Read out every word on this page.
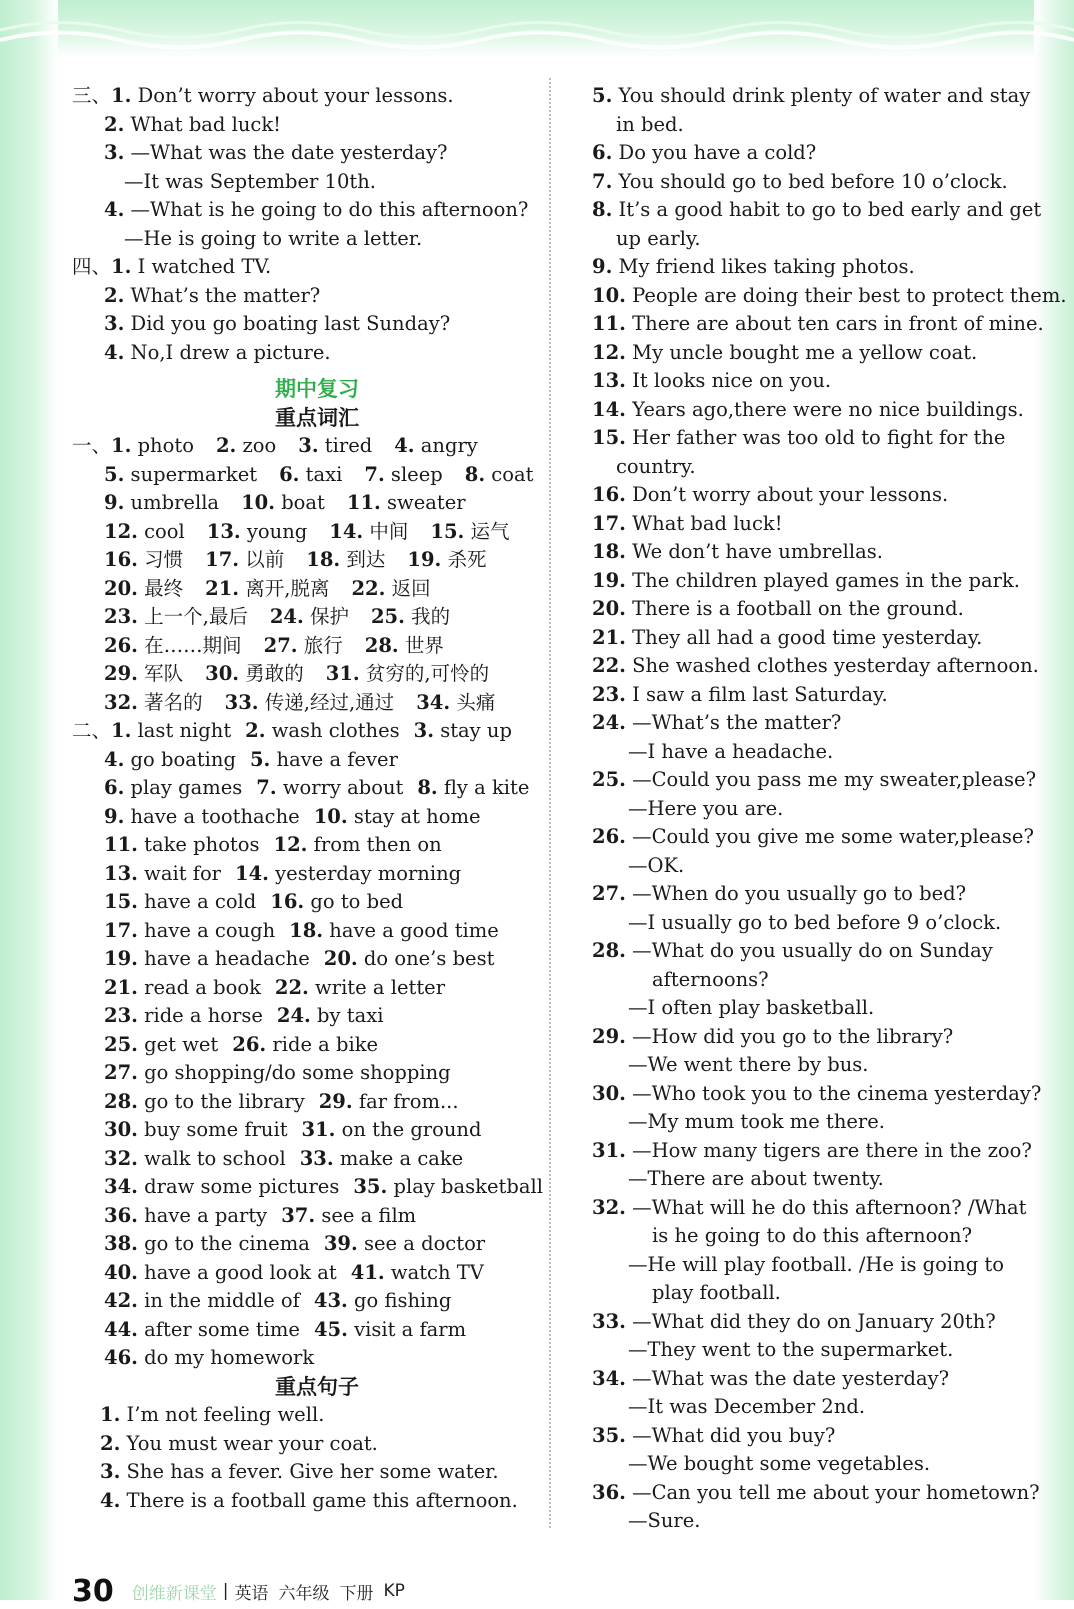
三、1. Don’t worry about your lessons.
2. What bad luck!
3. —What was the date yesterday?
—It was September 10th.
4. —What is he going to do this afternoon?
—He is going to write a letter.
四、1. I watched TV.
2. What’s the matter?
3. Did you go boating last Sunday?
4. No,I drew a picture.
期中复习
重点词汇
一、1. photo 2. zoo 3. tired 4. angry
5. supermarket 6. taxi 7. sleep 8. coat
9. umbrella 10. boat 11. sweater
12. cool 13. young 14. 中间 15. 运气
16. 习惯 17. 以前 18. 到达 19. 杀死
20. 最终 21. 离开,脱离 22. 返回
23. 上一个,最后 24. 保护 25. 我的
26. 在……期间 27. 旅行 28. 世界
29. 军队 30. 勇敢的 31. 贫穷的,可怜的
32. 著名的 33. 传递,经过,通过 34. 头痛
二、1. last night 2. wash clothes 3. stay up
4. go boating 5. have a fever
6. play games 7. worry about 8. fly a kite
9. have a toothache 10. stay at home
11. take photos 12. from then on
13. wait for 14. yesterday morning
15. have a cold 16. go to bed
17. have a cough 18. have a good time
19. have a headache 20. do one’s best
21. read a book 22. write a letter
23. ride a horse 24. by taxi
25. get wet 26. ride a bike
27. go shopping/do some shopping
28. go to the library 29. far from...
30. buy some fruit 31. on the ground
32. walk to school 33. make a cake
34. draw some pictures 35. play basketball
36. have a party 37. see a film
38. go to the cinema 39. see a doctor
40. have a good look at 41. watch TV
42. in the middle of 43. go fishing
44. after some time 45. visit a farm
46. do my homework
重点句子
1. I’m not feeling well.
2. You must wear your coat.
3. She has a fever. Give her some water.
4. There is a football game this afternoon.
5. You should drink plenty of water and stay
in bed.
6. Do you have a cold?
7. You should go to bed before 10 o’clock.
8. It’s a good habit to go to bed early and get
up early.
9. My friend likes taking photos.
10. People are doing their best to protect them.
11. There are about ten cars in front of mine.
12. My uncle bought me a yellow coat.
13. It looks nice on you.
14. Years ago,there were no nice buildings.
15. Her father was too old to fight for the
country.
16. Don’t worry about your lessons.
17. What bad luck!
18. We don’t have umbrellas.
19. The children played games in the park.
20. There is a football on the ground.
21. They all had a good time yesterday.
22. She washed clothes yesterday afternoon.
23. I saw a film last Saturday.
24. —What’s the matter?
—I have a headache.
25. —Could you pass me my sweater,please?
—Here you are.
26. —Could you give me some water,please?
—OK.
27. —When do you usually go to bed?
—I usually go to bed before 9 o’clock.
28. —What do you usually do on Sunday
afternoons?
—I often play basketball.
29. —How did you go to the library?
—We went there by bus.
30. —Who took you to the cinema yesterday?
—My mum took me there.
31. —How many tigers are there in the zoo?
—There are about twenty.
32. —What will he do this afternoon? /What
is he going to do this afternoon?
—He will play football. /He is going to
play football.
33. —What did they do on January 20th?
—They went to the supermarket.
34. —What was the date yesterday?
—It was December 2nd.
35. —What did you buy?
—We bought some vegetables.
36. —Can you tell me about your hometown?
—Sure.
30 创维新课堂 | 英语 六年级 下册 KP
